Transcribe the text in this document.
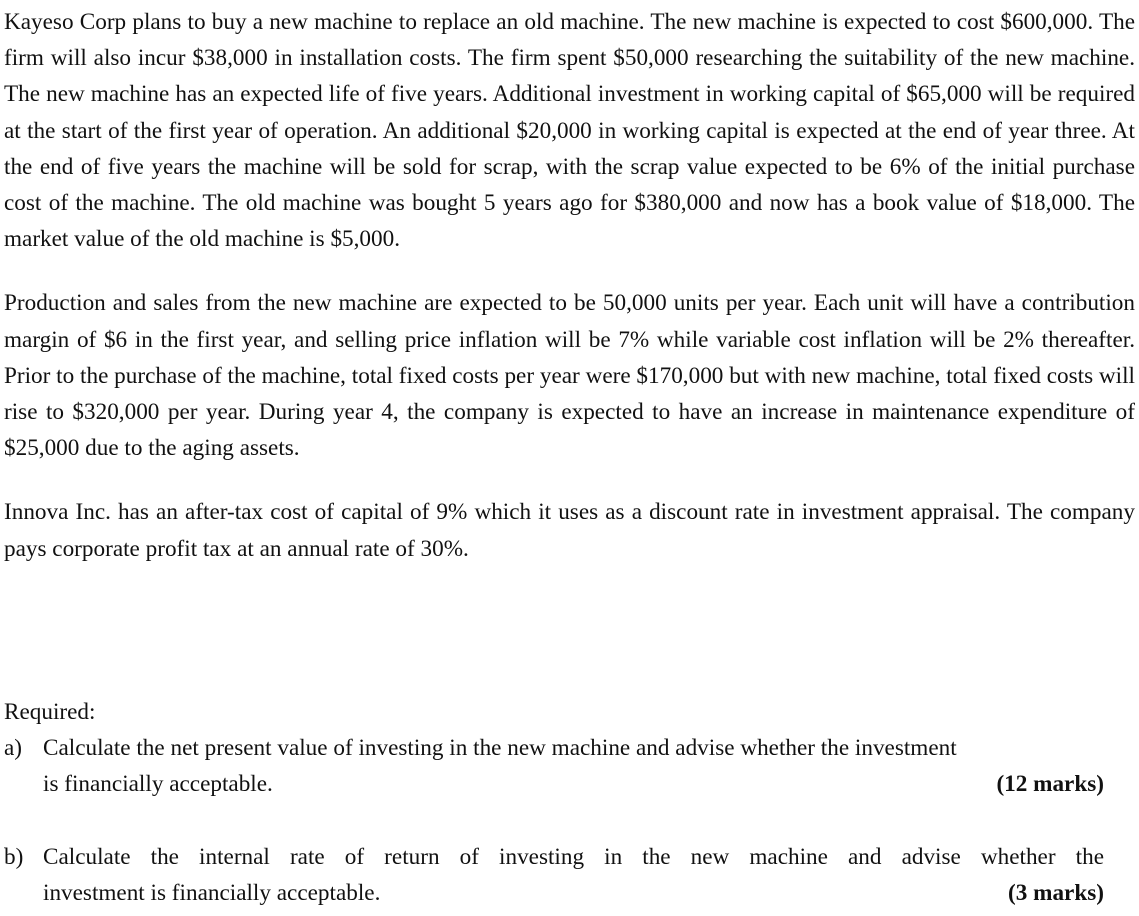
Kayeso Corp plans to buy a new machine to replace an old machine. The new machine is expected to cost $600,000. The firm will also incur $38,000 in installation costs. The firm spent $50,000 researching the suitability of the new machine. The new machine has an expected life of five years. Additional investment in working capital of $65,000 will be required at the start of the first year of operation. An additional $20,000 in working capital is expected at the end of year three. At the end of five years the machine will be sold for scrap, with the scrap value expected to be 6% of the initial purchase cost of the machine. The old machine was bought 5 years ago for $380,000 and now has a book value of $18,000. The market value of the old machine is $5,000.

Production and sales from the new machine are expected to be 50,000 units per year. Each unit will have a contribution margin of $6 in the first year, and selling price inflation will be 7% while variable cost inflation will be 2% thereafter. Prior to the purchase of the machine, total fixed costs per year were $170,000 but with new machine, total fixed costs will rise to $320,000 per year. During year 4, the company is expected to have an increase in maintenance expenditure of $25,000 due to the aging assets.

Innova Inc. has an after-tax cost of capital of 9% which it uses as a discount rate in investment appraisal. The company pays corporate profit tax at an annual rate of 30%.

Required:

a) Calculate the net present value of investing in the new machine and advise whether the investment

is financially acceptable.	(12 marks)
b) Calculate the internal rate of return of investing in the new machine and advise whether the

investment is financially acceptable.	(3 marks)
